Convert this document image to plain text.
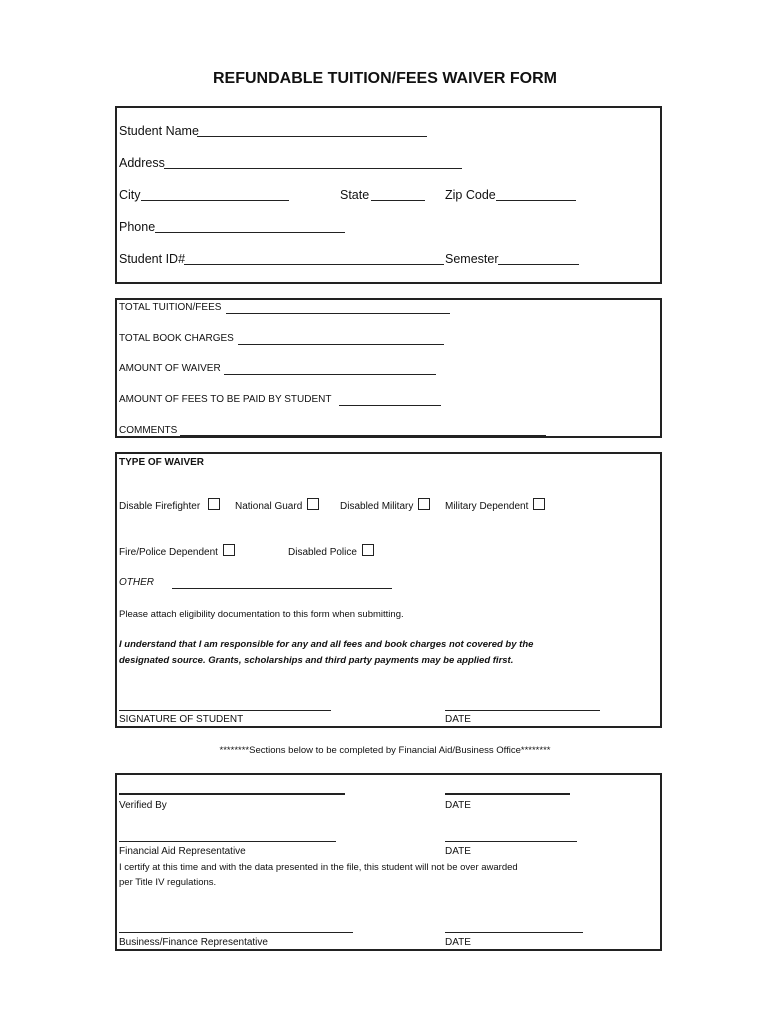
REFUNDABLE TUITION/FEES WAIVER FORM
Student Name
Address
City	State	Zip Code
Phone
Student ID#	Semester
TOTAL TUITION/FEES
TOTAL BOOK CHARGES
AMOUNT OF WAIVER
AMOUNT OF FEES TO BE PAID BY STUDENT
COMMENTS
TYPE OF WAIVER
Disable Firefighter	National Guard	Disabled Military	Military Dependent
Fire/Police Dependent	Disabled Police
OTHER
Please attach eligibility documentation to this form when submitting.
I understand that I am responsible for any and all fees and book charges not covered by the
designated source. Grants, scholarships and third party payments may be applied first.
SIGNATURE OF STUDENT	DATE
********Sections below to be completed by Financial Aid/Business Office********
Verified By	DATE
Financial Aid Representative	DATE
I certify at this time and with the data presented in the file, this student will not be over awarded
per Title IV regulations.
Business/Finance Representative	DATE
